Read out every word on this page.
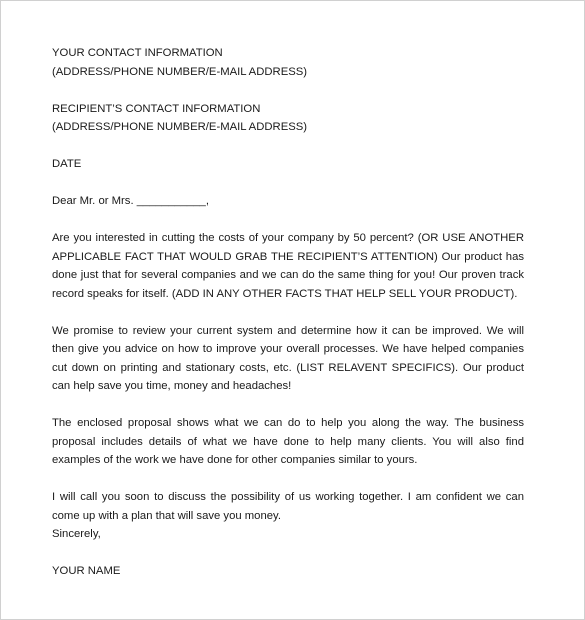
YOUR CONTACT INFORMATION
(ADDRESS/PHONE NUMBER/E-MAIL ADDRESS)
RECIPIENT’S CONTACT INFORMATION
(ADDRESS/PHONE NUMBER/E-MAIL ADDRESS)
DATE
Dear Mr. or Mrs. ___________,

Are you interested in cutting the costs of your company by 50 percent? (OR USE ANOTHER APPLICABLE FACT THAT WOULD GRAB THE RECIPIENT’S ATTENTION) Our product has done just that for several companies and we can do the same thing for you! Our proven track record speaks for itself. (ADD IN ANY OTHER FACTS THAT HELP SELL YOUR PRODUCT).

We promise to review your current system and determine how it can be improved. We will then give you advice on how to improve your overall processes. We have helped companies cut down on printing and stationary costs, etc. (LIST RELAVENT SPECIFICS). Our product can help save you time, money and headaches!

The enclosed proposal shows what we can do to help you along the way. The business proposal includes details of what we have done to help many clients. You will also find examples of the work we have done for other companies similar to yours.

I will call you soon to discuss the possibility of us working together. I am confident we can come up with a plan that will save you money.

Sincerely,
YOUR NAME
